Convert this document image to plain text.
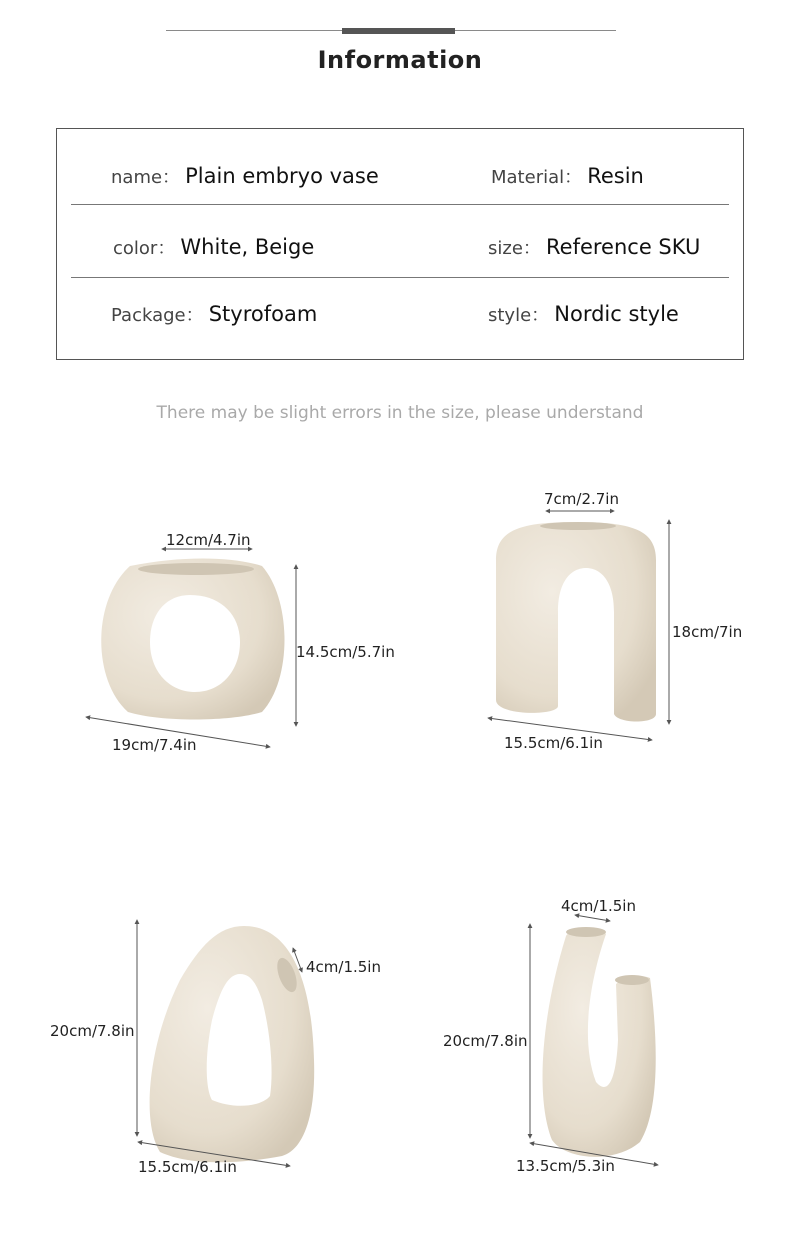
Information
name： Plain embryo vase	Material： Resin
color： White, Beige	size： Reference SKU
Package： Styrofoam	style： Nordic style
There may be slight errors in the size, please understand
12cm/4.7in
14.5cm/5.7in
19cm/7.4in
7cm/2.7in
18cm/7in
15.5cm/6.1in
4cm/1.5in
20cm/7.8in
15.5cm/6.1in
4cm/1.5in
20cm/7.8in
13.5cm/5.3in
